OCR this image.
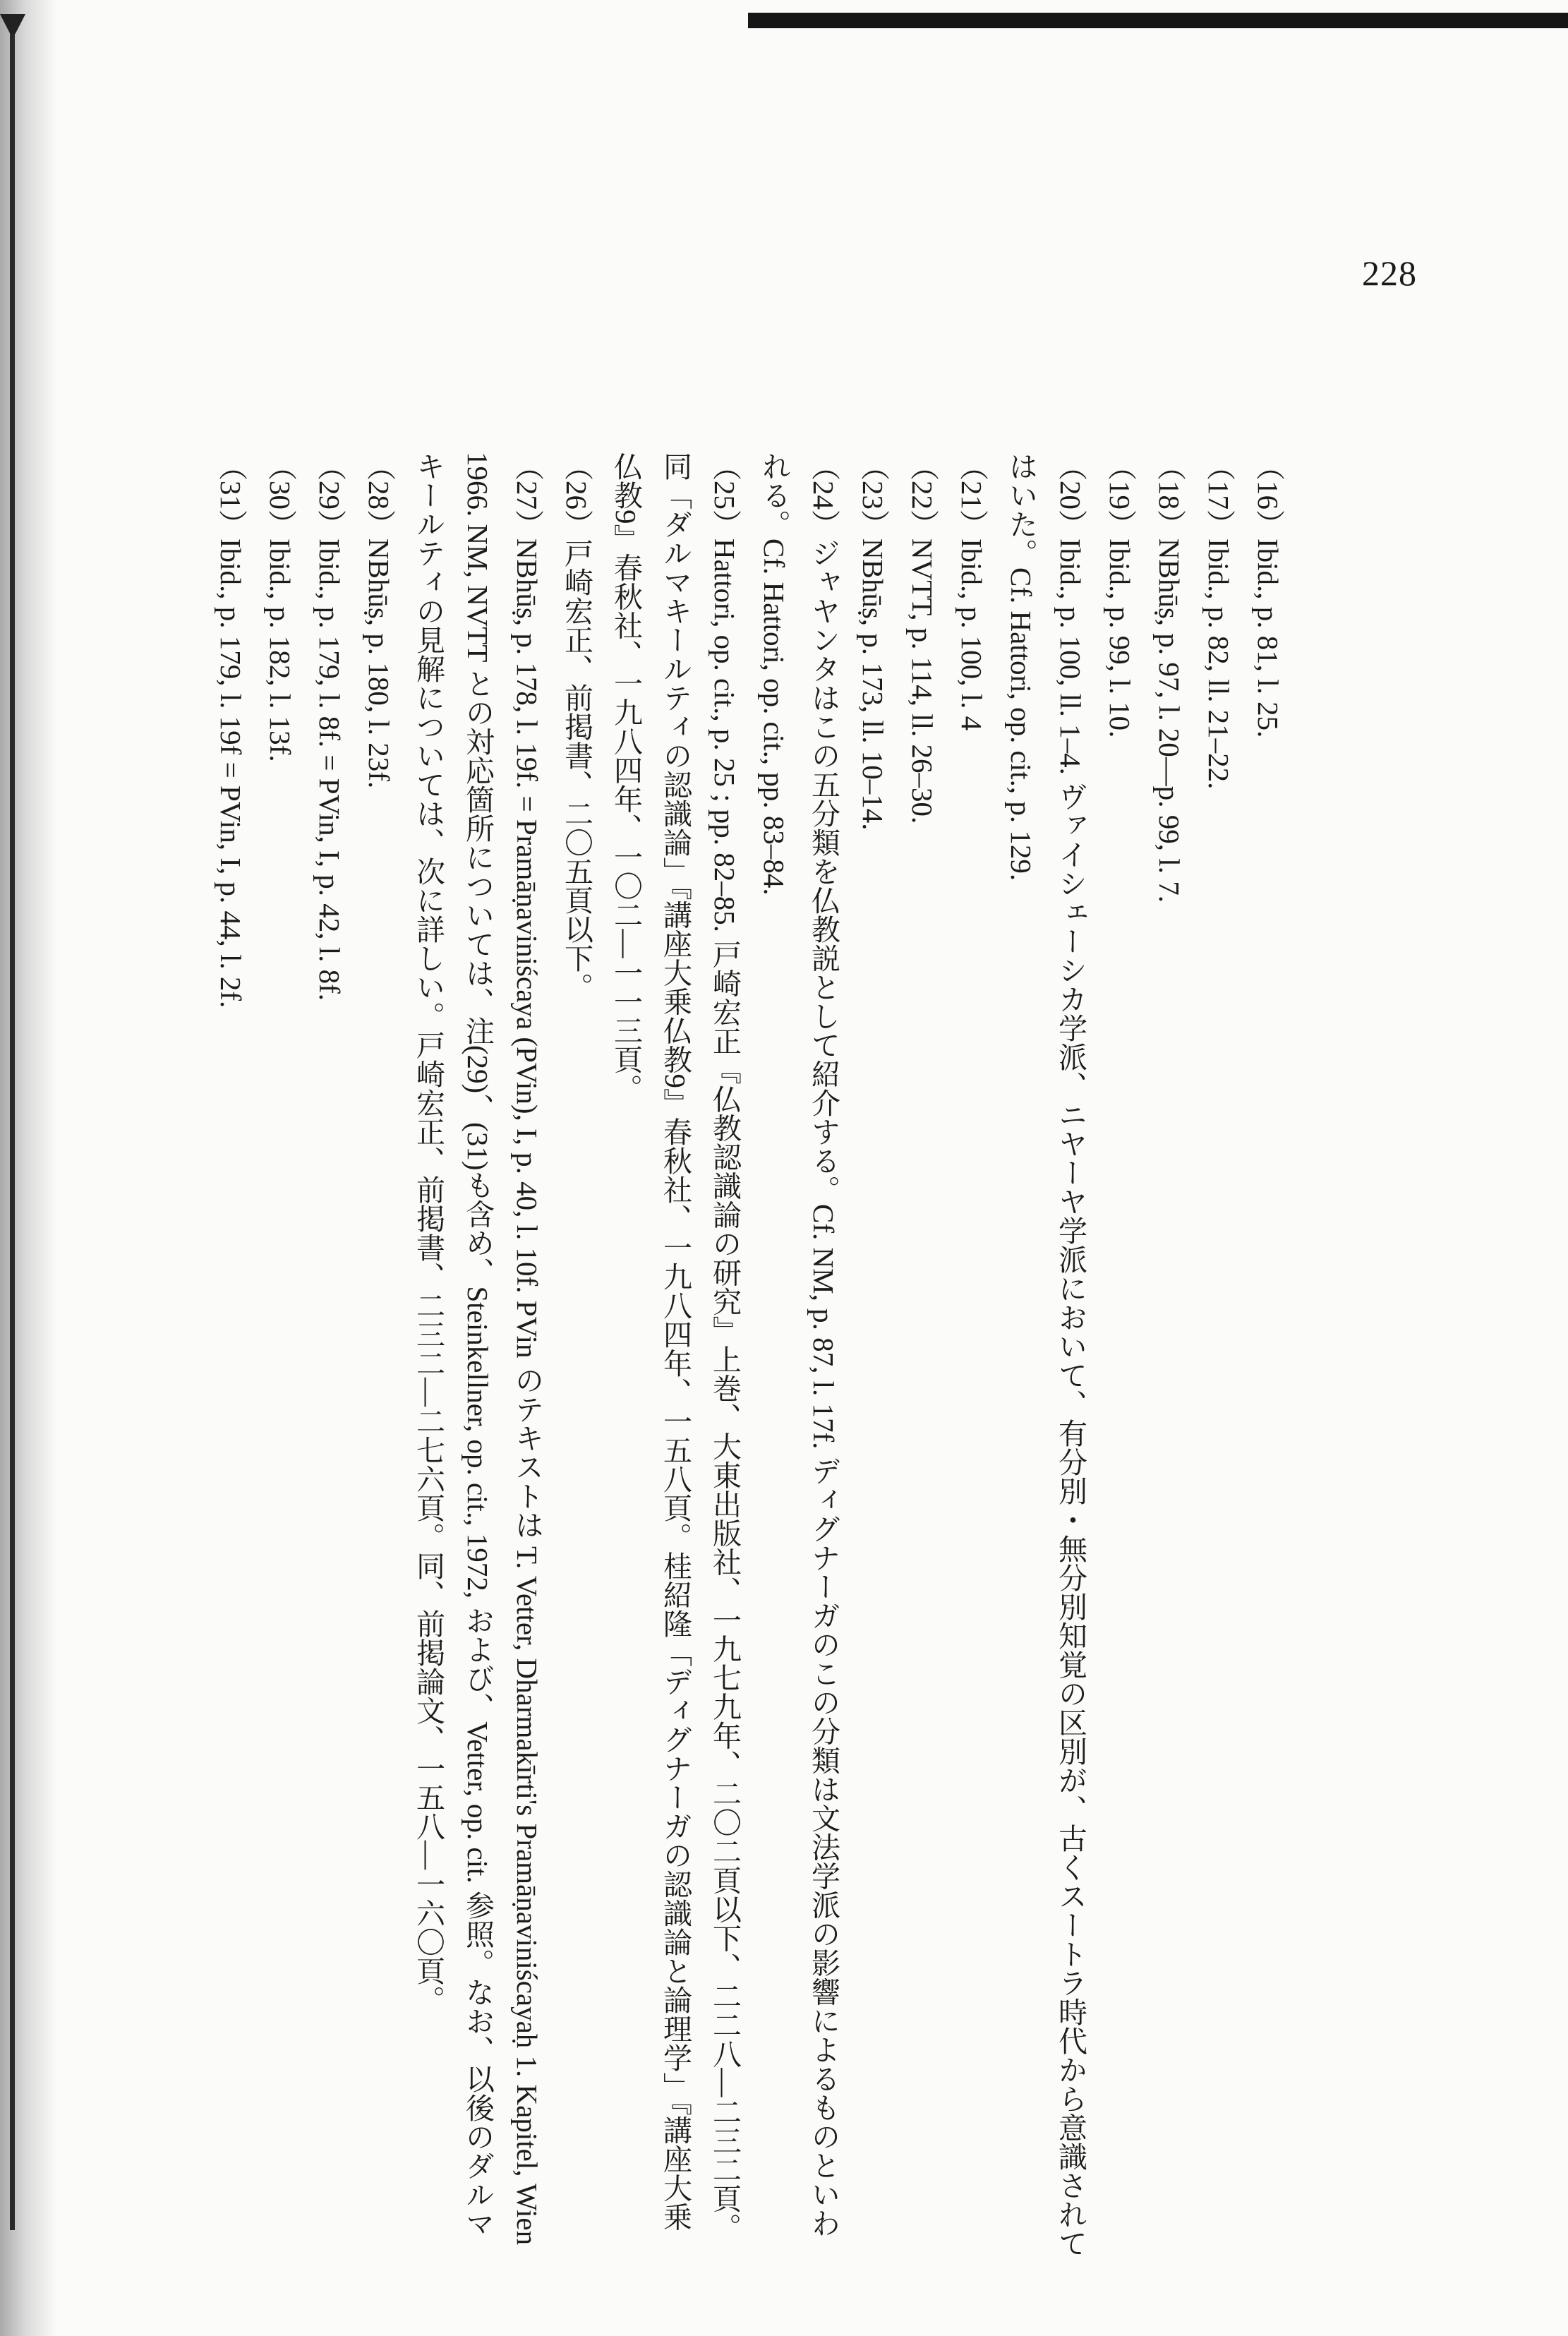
228

（16）Ibid., p. 81, l. 25.

（17）Ibid., p. 82, ll. 21–22.

（18）NBhūṣ, p. 97, l. 20—p. 99, l. 7.

（19）Ibid., p. 99, l. 10.

（20）Ibid., p. 100, ll. 1–4. ヴァイシェーシカ学派、ニヤーヤ学派において、有分別・無分別知覚の区別が、古くスートラ時代から意識されてはいた。Cf. Hattori, op. cit., p. 129.

（21）Ibid., p. 100, l. 4

（22）NVTT, p. 114, ll. 26–30.

（23）NBhūṣ, p. 173, ll. 10–14.

（24）ジャヤンタはこの五分類を仏教説として紹介する。Cf. NM, p. 87, l. 17f. ディグナーガのこの分類は文法学派の影響によるものといわれる。Cf. Hattori, op. cit., pp. 83–84.

（25）Hattori, op. cit., p. 25 ; pp. 82–85. 戸崎宏正『仏教認識論の研究』上巻、大東出版社、一九七九年、二〇二頁以下、二二八—二三二頁。同「ダルマキールティの認識論」『講座大乗仏教9』春秋社、一九八四年、一五八頁。桂紹隆「ディグナーガの認識論と論理学」『講座大乗仏教9』春秋社、一九八四年、一〇二—一一三頁。

（26）戸崎宏正、前掲書、二〇五頁以下。

（27）NBhūṣ, p. 178, l. 19f. = Pramāṇaviniścaya (PVin), I, p. 40, l. 10f. PVin のテキストは T. Vetter, Dharmakīrti's Pramāṇaviniścayaḥ 1. Kapitel, Wien 1966. NM, NVTT との対応箇所については、注(29)、(31)も含め、Steinkellner, op. cit., 1972, および、Vetter, op. cit. 参照。なお、以後のダルマキールティの見解については、次に詳しい。戸崎宏正、前掲書、二三二—二七六頁。同、前掲論文、一五八—一六〇頁。

（28）NBhūṣ, p. 180, l. 23f.

（29）Ibid., p. 179, l. 8f. = PVin, I, p. 42, l. 8f.

（30）Ibid., p. 182, l. 13f.

（31）Ibid., p. 179, l. 19f = PVin, I, p. 44, l. 2f.
